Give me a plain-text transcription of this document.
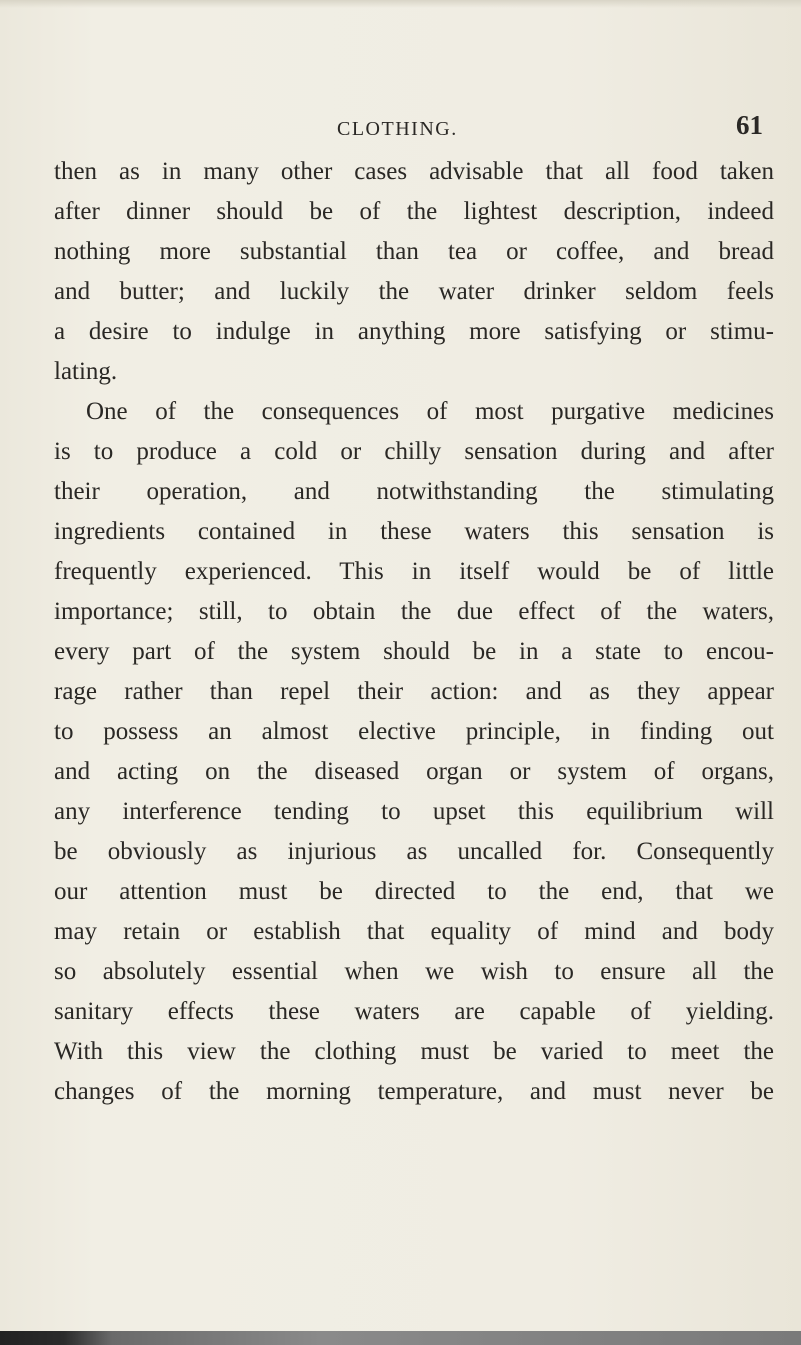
CLOTHING.	61
then as in many other cases advisable that all food taken
after dinner should be of the lightest description, indeed
nothing more substantial than tea or coffee, and bread
and butter; and luckily the water drinker seldom feels
a desire to indulge in anything more satisfying or stimu-
lating.
One of the consequences of most purgative medicines
is to produce a cold or chilly sensation during and after
their operation, and notwithstanding the stimulating
ingredients contained in these waters this sensation is
frequently experienced. This in itself would be of little
importance; still, to obtain the due effect of the waters,
every part of the system should be in a state to encou-
rage rather than repel their action: and as they appear
to possess an almost elective principle, in finding out
and acting on the diseased organ or system of organs,
any interference tending to upset this equilibrium will
be obviously as injurious as uncalled for. Consequently
our attention must be directed to the end, that we
may retain or establish that equality of mind and body
so absolutely essential when we wish to ensure all the
sanitary effects these waters are capable of yielding.
With this view the clothing must be varied to meet the
changes of the morning temperature, and must never be
